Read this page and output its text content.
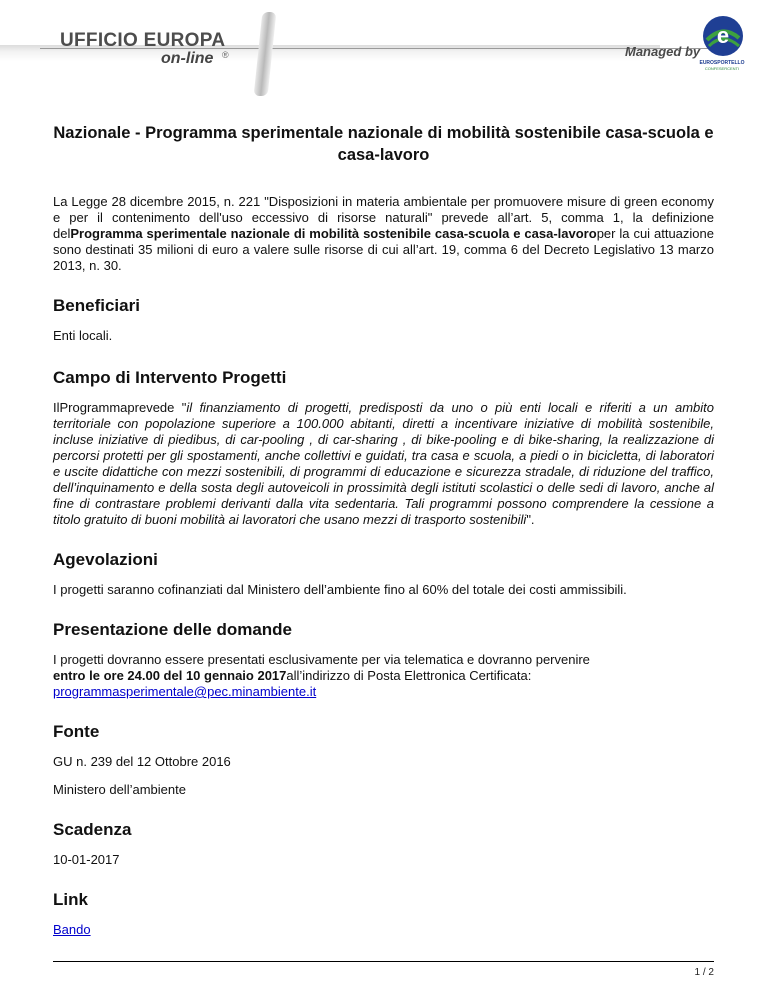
UFFICIO EUROPA
on-line ®	Managed by
e
EUROSPORTELLO
CONFESERCENTI
Nazionale - Programma sperimentale nazionale di mobilità sostenibile casa-scuola e casa-lavoro

La Legge 28 dicembre 2015, n. 221 "Disposizioni in materia ambientale per promuovere misure di green economy e per il contenimento dell'uso eccessivo di risorse naturali" prevede all’art. 5, comma 1, la definizione delProgramma sperimentale nazionale di mobilità sostenibile casa-scuola e casa-lavoroper la cui attuazione sono destinati 35 milioni di euro a valere sulle risorse di cui all’art. 19, comma 6 del Decreto Legislativo 13 marzo 2013, n. 30.

Beneficiari

Enti locali.

Campo di Intervento Progetti

IlProgrammaprevede "il finanziamento di progetti, predisposti da uno o più enti locali e riferiti a un ambito territoriale con popolazione superiore a 100.000 abitanti, diretti a incentivare iniziative di mobilità sostenibile, incluse iniziative di piedibus, di car-pooling , di car-sharing , di bike-pooling e di bike-sharing, la realizzazione di percorsi protetti per gli spostamenti, anche collettivi e guidati, tra casa e scuola, a piedi o in bicicletta, di laboratori e uscite didattiche con mezzi sostenibili, di programmi di educazione e sicurezza stradale, di riduzione del traffico, dell’inquinamento e della sosta degli autoveicoli in prossimità degli istituti scolastici o delle sedi di lavoro, anche al fine di contrastare problemi derivanti dalla vita sedentaria. Tali programmi possono comprendere la cessione a titolo gratuito di buoni mobilità ai lavoratori che usano mezzi di trasporto sostenibili".

Agevolazioni

I progetti saranno cofinanziati dal Ministero dell’ambiente fino al 60% del totale dei costi ammissibili.

Presentazione delle domande

I progetti dovranno essere presentati esclusivamente per via telematica e dovranno pervenire
entro le ore 24.00 del 10 gennaio 2017all’indirizzo di Posta Elettronica Certificata:
programmasperimentale@pec.minambiente.it

Fonte

GU n. 239 del 12 Ottobre 2016

Ministero dell’ambiente

Scadenza

10-01-2017

Link

Bando

1 / 2
